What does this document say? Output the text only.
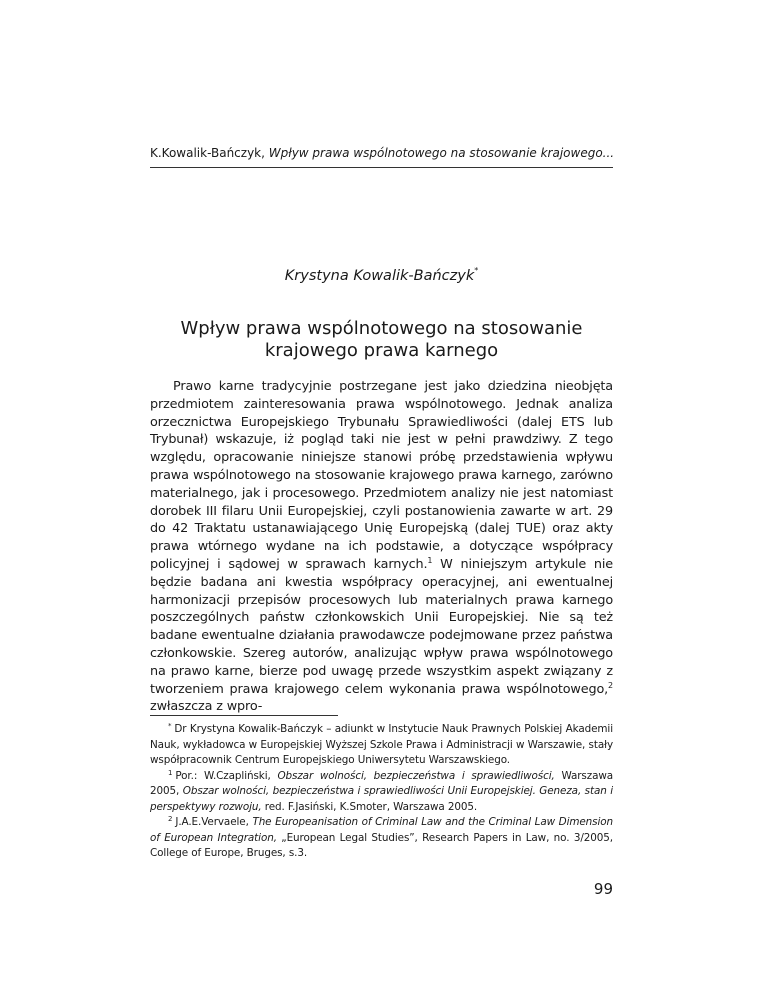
K.Kowalik-Bańczyk, Wpływ prawa wspólnotowego na stosowanie krajowego...
Krystyna Kowalik-Bańczyk*
Wpływ prawa wspólnotowego na stosowanie
krajowego prawa karnego

Prawo karne tradycyjnie postrzegane jest jako dziedzina nieobjęta przedmiotem zainteresowania prawa wspólnotowego. Jednak analiza orzecznictwa Europejskiego Trybunału Sprawiedliwości (dalej ETS lub Trybunał) wskazuje, iż pogląd taki nie jest w pełni prawdziwy. Z tego względu, opracowanie niniejsze stanowi próbę przedstawienia wpływu prawa wspólnotowego na stosowanie krajowego prawa karnego, zarówno materialnego, jak i procesowego. Przedmiotem analizy nie jest natomiast dorobek III filaru Unii Europejskiej, czyli postanowienia zawarte w art. 29 do 42 Traktatu ustanawiającego Unię Europejską (dalej TUE) oraz akty prawa wtórnego wydane na ich podstawie, a dotyczące współpracy policyjnej i sądowej w sprawach karnych.$^1$ W niniejszym artykule nie będzie badana ani kwestia współpracy operacyjnej, ani ewentualnej harmonizacji przepisów procesowych lub materialnych prawa karnego poszczególnych państw członkowskich Unii Europejskiej. Nie są też badane ewentualne działania prawodawcze podejmowane przez państwa członkowskie. Szereg autorów, analizując wpływ prawa wspólnotowego na prawo karne, bierze pod uwagę przede wszystkim aspekt związany z tworzeniem prawa krajowego celem wykonania prawa wspólnotowego,$^2$ zwłaszcza z wpro-

* Dr Krystyna Kowalik-Bańczyk – adiunkt w Instytucie Nauk Prawnych Polskiej Akademii Nauk, wykładowca w Europejskiej Wyższej Szkole Prawa i Administracji w Warszawie, stały współpracownik Centrum Europejskiego Uniwersytetu Warszawskiego.

$^1$ Por.: W.Czapliński, Obszar wolności, bezpieczeństwa i sprawiedliwości, Warszawa 2005, Obszar wolności, bezpieczeństwa i sprawiedliwości Unii Europejskiej. Geneza, stan i perspektywy rozwoju, red. F.Jasiński, K.Smoter, Warszawa 2005.

$^2$ J.A.E.Vervaele, The Europeanisation of Criminal Law and the Criminal Law Dimension of European Integration, „European Legal Studies”, Research Papers in Law, no. 3/2005, College of Europe, Bruges, s.3.

99
